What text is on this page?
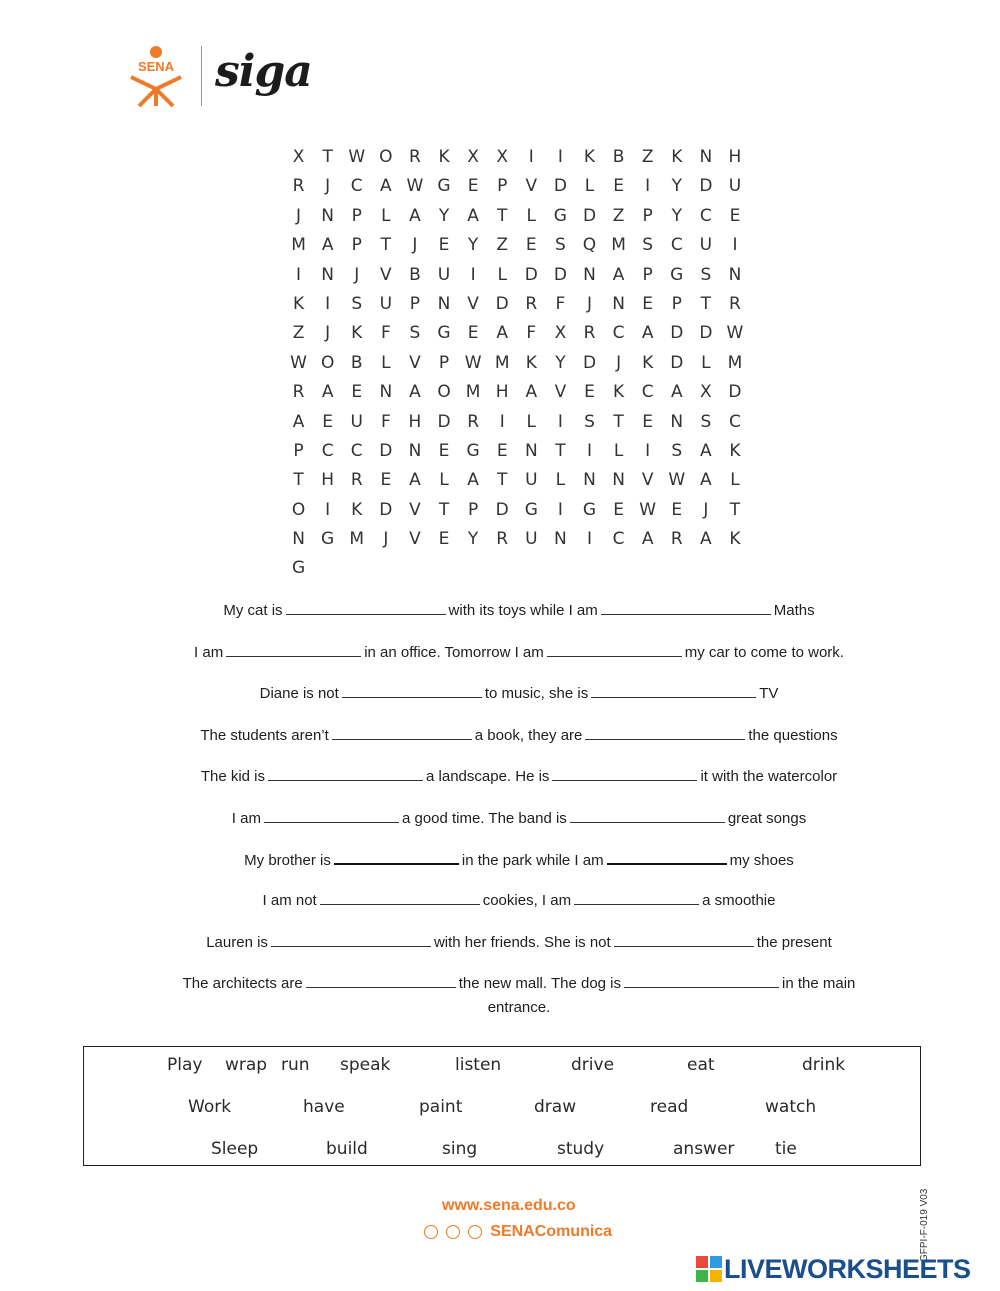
SENA siga
X	T W O R	K	X	X	I	I	K	B	Z	K	N H
R	J	C	A W G	E	P	V D	L	E	I	Y	D U
J	N	P	L	A	Y	A	T	L	G D Z	P	Y	C	E
M A	P	T	J	E	Y	Z	E	S	Q M S	C U	I
I	N	J	V	B	U	I	L	D D N A	P	G	S	N
K	I	S	U	P	N V D R	F	J	N	E	P	T	R
Z	J	K	F	S	G	E	A	F	X	R	C	A D D W
W O B	L	V	P W M K	Y	D	J	K D	L	M
R	A	E	N A O M H A	V	E	K	C	A	X D
A	E	U	F	H D R	I	L	I	S	T	E	N	S	C
P	C	C D N	E	G	E	N	T	I	L	I	S	A	K
T	H R	E	A	L	A	T	U	L	N N V W A	L
O	I	K D V	T	P	D G	I	G	E W E	J	T
N G M	J	V	E	Y	R U N	I	C	A	R	A	K
G
My cat is	with its toys while I am	Maths
I am	in an office. Tomorrow I am	my car to come to work.
Diane is not	to music, she is	TV
The students aren’t	a book, they are	the questions
The kid is	a landscape. He is	it with the watercolor
I am	a good time. The band is	great songs
My brother is	in the park while I am	my shoes
I am not	cookies, I am	a smoothie
Lauren is	with her friends. She is not	the present
The architects are	the new mall. The dog is	in the main
entrance.
Play wrap run speak	listen	drive	eat	drink
Work	have	paint	draw	read	watch
Sleep	build	sing	study	answer tie
www.sena.edu.co
SENAComunica	GFPI-F-019 V03
LIVEWORKSHEETS
